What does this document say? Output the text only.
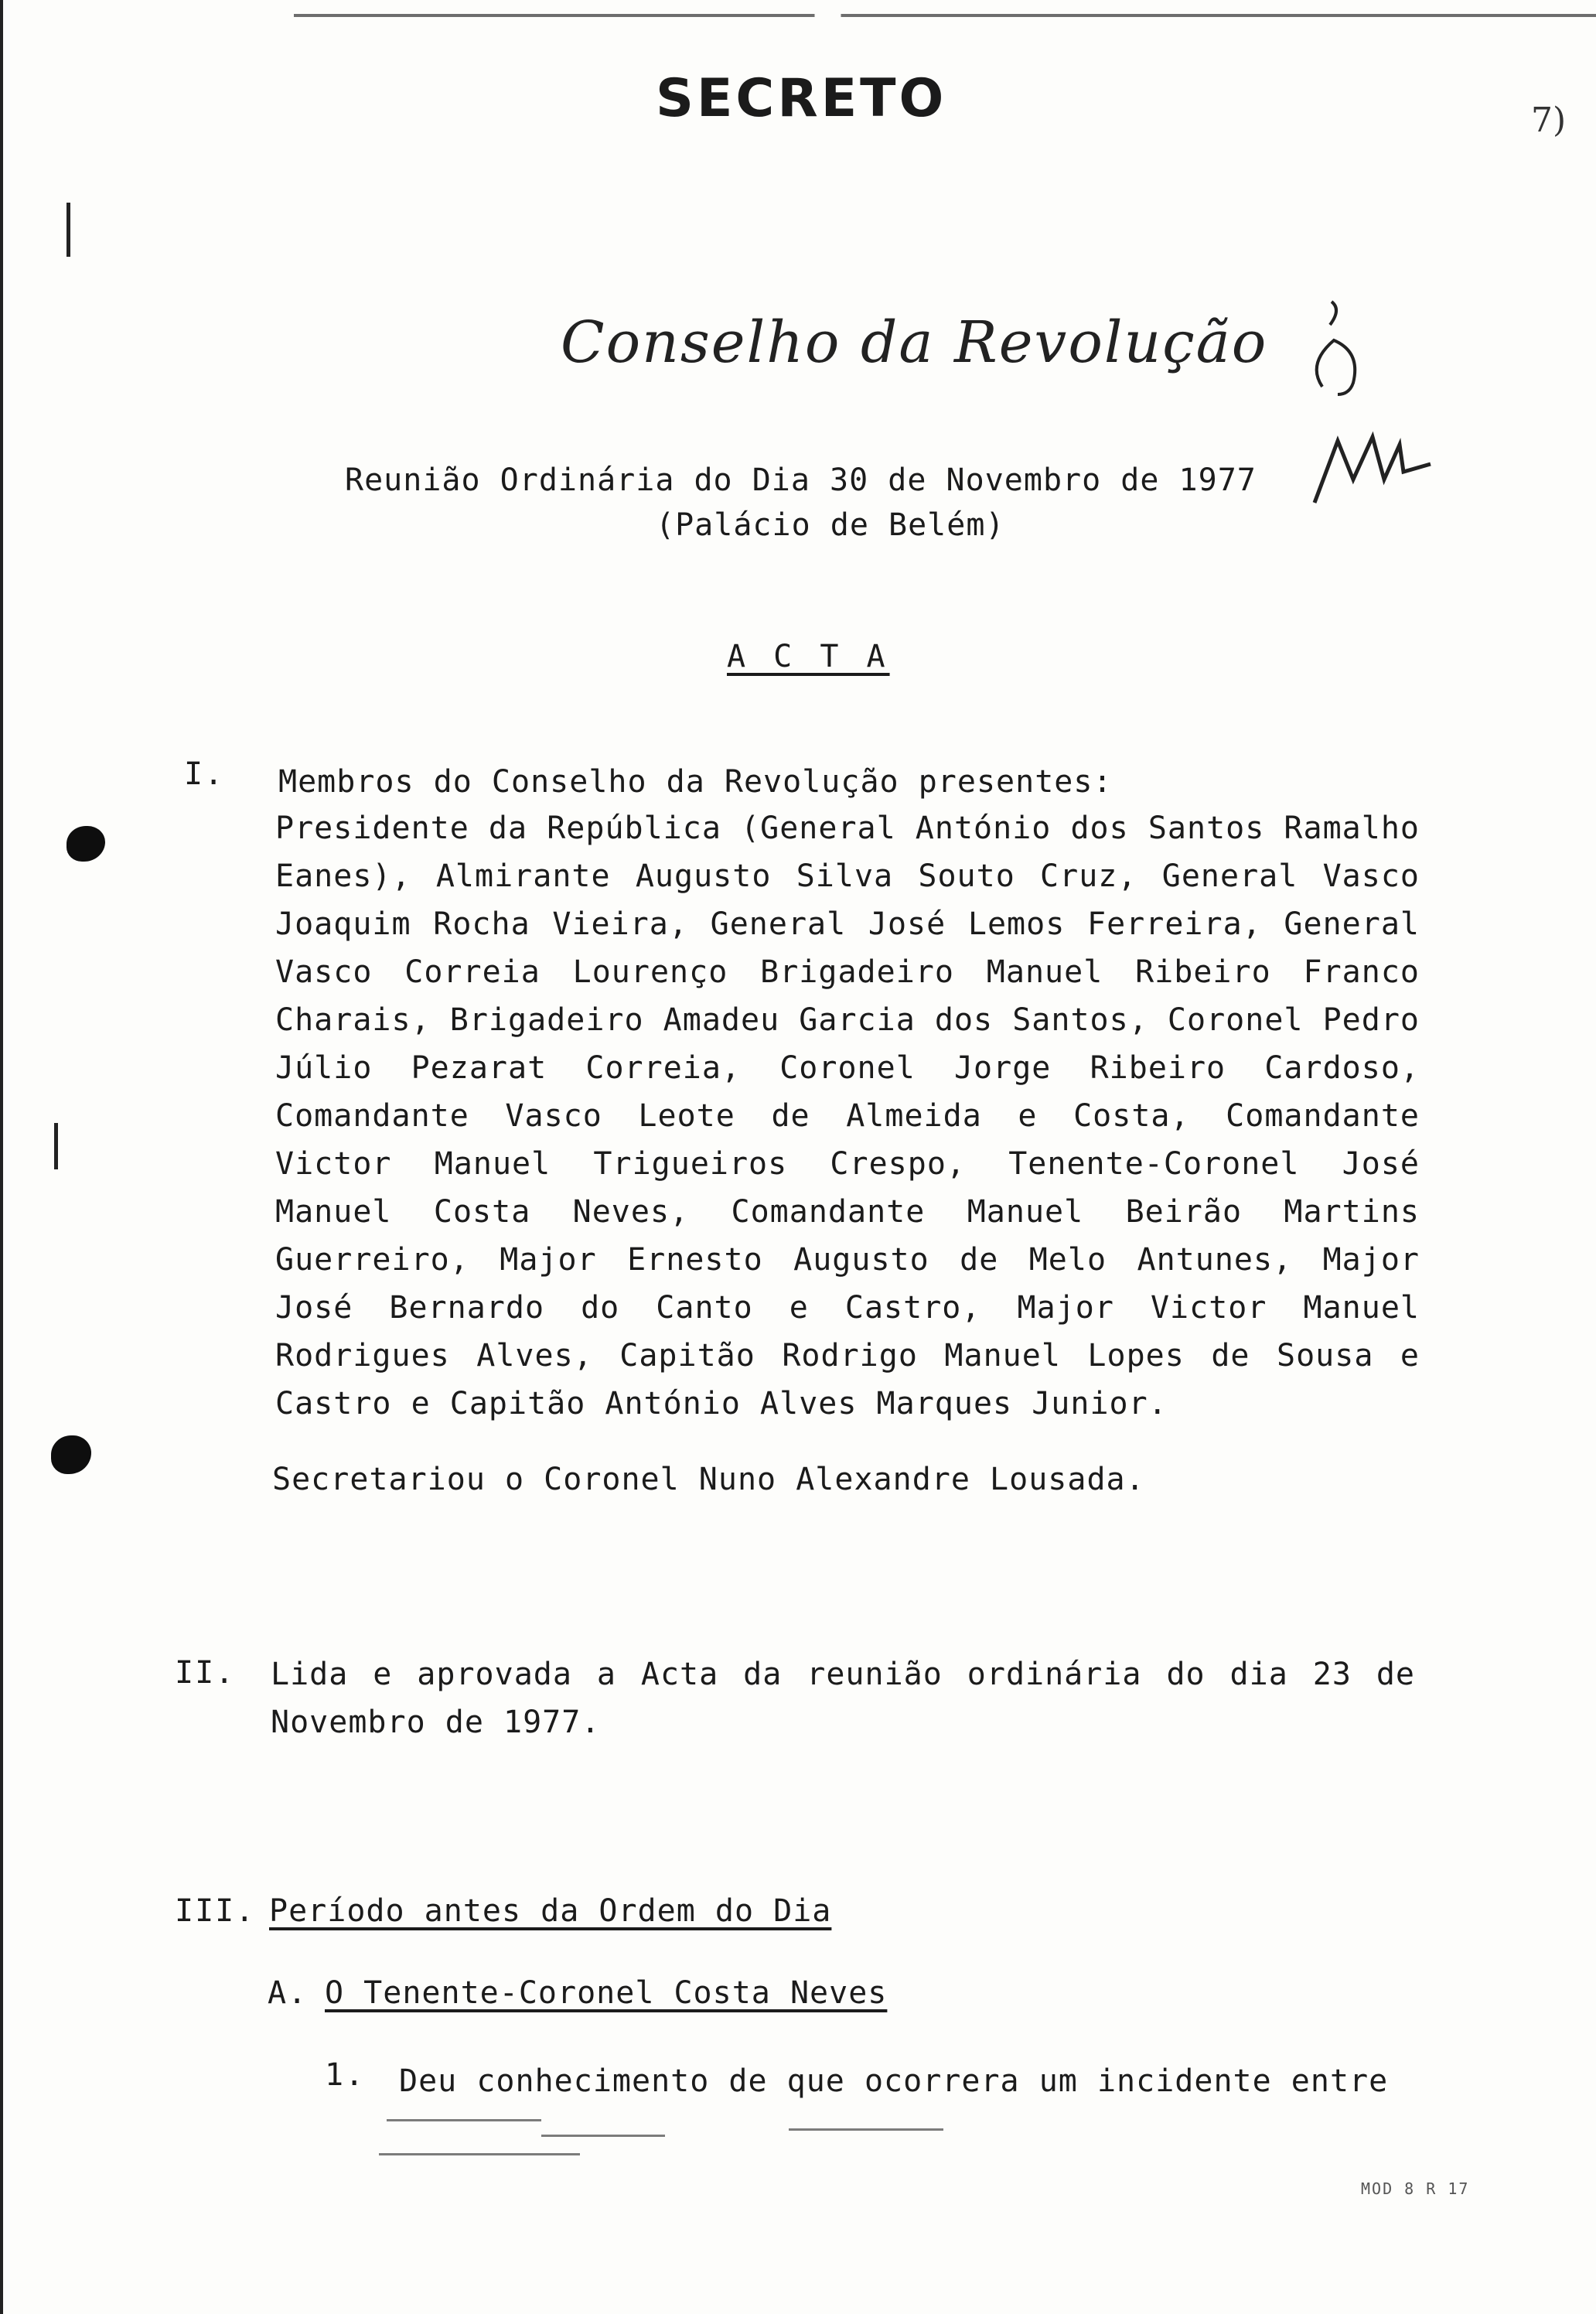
SECRETO	7)
Conselho da Revolução
Reunião Ordinária do Dia 30 de Novembro de 1977
(Palácio de Belém)
A C T A
I. Membros do Conselho da Revolução presentes:
Presidente da República (General António dos Santos Ramalho Eanes), Almirante Augusto Silva Souto Cruz, General Vasco Joaquim Rocha Vieira, General José Lemos Ferreira, General Vasco Correia Lourenço Brigadeiro Manuel Ribeiro Franco Charais, Brigadeiro Amadeu Garcia dos Santos, Coronel Pedro Júlio Pezarat Correia, Coronel Jorge Ribeiro Cardoso, Comandante Vasco Leote de Almeida e Costa, Comandante Victor Manuel Trigueiros Crespo, Tenente-Coronel José Manuel Costa Neves, Comandante Manuel Beirão Martins Guerreiro, Major Ernesto Augusto de Melo Antunes, Major José Bernardo do Canto e Castro, Major Victor Manuel Rodrigues Alves, Capitão Rodrigo Manuel Lopes de Sousa e Castro e Capitão António Alves Marques Junior.
Secretariou o Coronel Nuno Alexandre Lousada.
II. Lida e aprovada a Acta da reunião ordinária do dia 23 de Novembro de 1977.
III. Período antes da Ordem do Dia
A. O Tenente-Coronel Costa Neves
1. Deu conhecimento de que ocorrera um incidente entre
MOD 8 R 17
